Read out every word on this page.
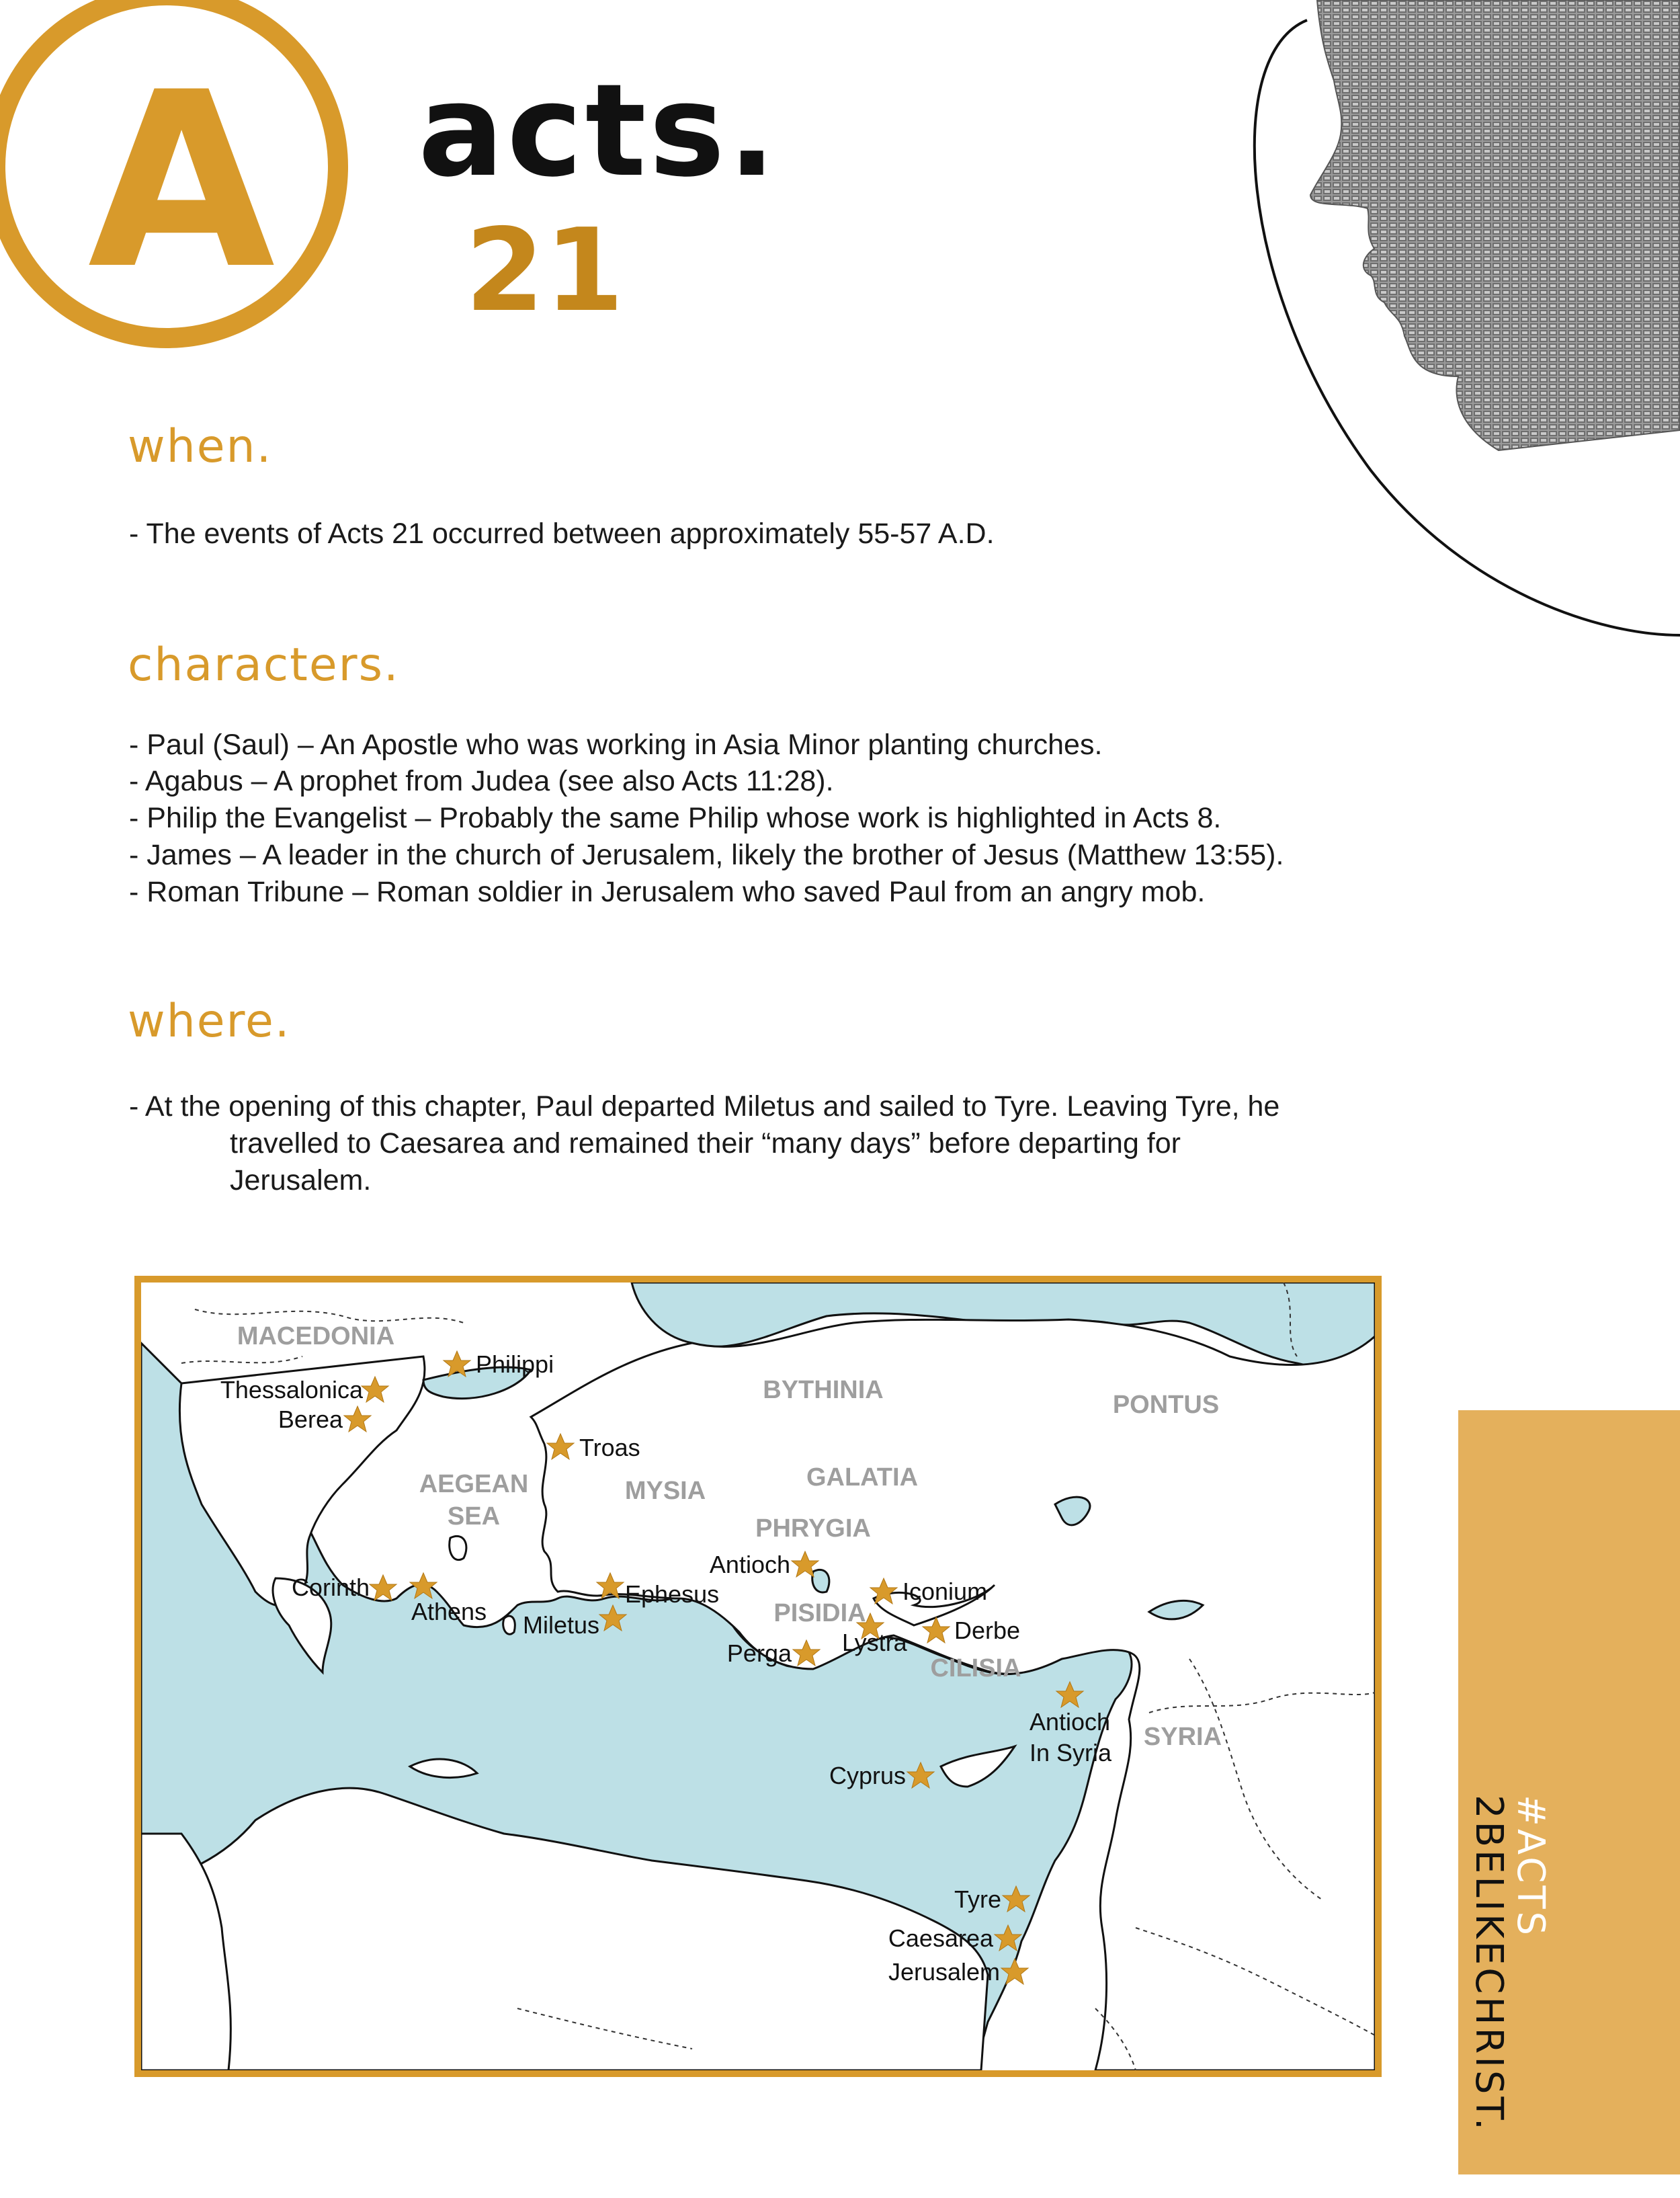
A	acts.
21
when.
- The events of Acts 21 occurred between approximately 55-57 A.D.
characters.
- Paul (Saul) – An Apostle who was working in Asia Minor planting churches.
- Agabus – A prophet from Judea (see also Acts 11:28).
- Philip the Evangelist – Probably the same Philip whose work is highlighted in Acts 8.
- James – A leader in the church of Jerusalem, likely the brother of Jesus (Matthew 13:55).
- Roman Tribune – Roman soldier in Jerusalem who saved Paul from an angry mob.
where.
- At the opening of this chapter, Paul departed Miletus and sailed to Tyre. Leaving Tyre, he
travelled to Caesarea and remained their “many days” before departing for
Jerusalem.
MACEDONIA
BYTHINIA
PONTUS
AEGEAN
SEA
MYSIA	GALATIA
PHRYGIA
PISIDIA
CILISIA
SYRIA
Philippi
Thessalonica
Berea
Troas
Corinth
Athens
Ephesus
Miletus
Antioch
Iconium
Lystra Derbe
Perga
Antioch
In Syria
Cyprus
Tyre
Caesarea
Jerusalem
#ACTS
2BELIKECHRIST.
